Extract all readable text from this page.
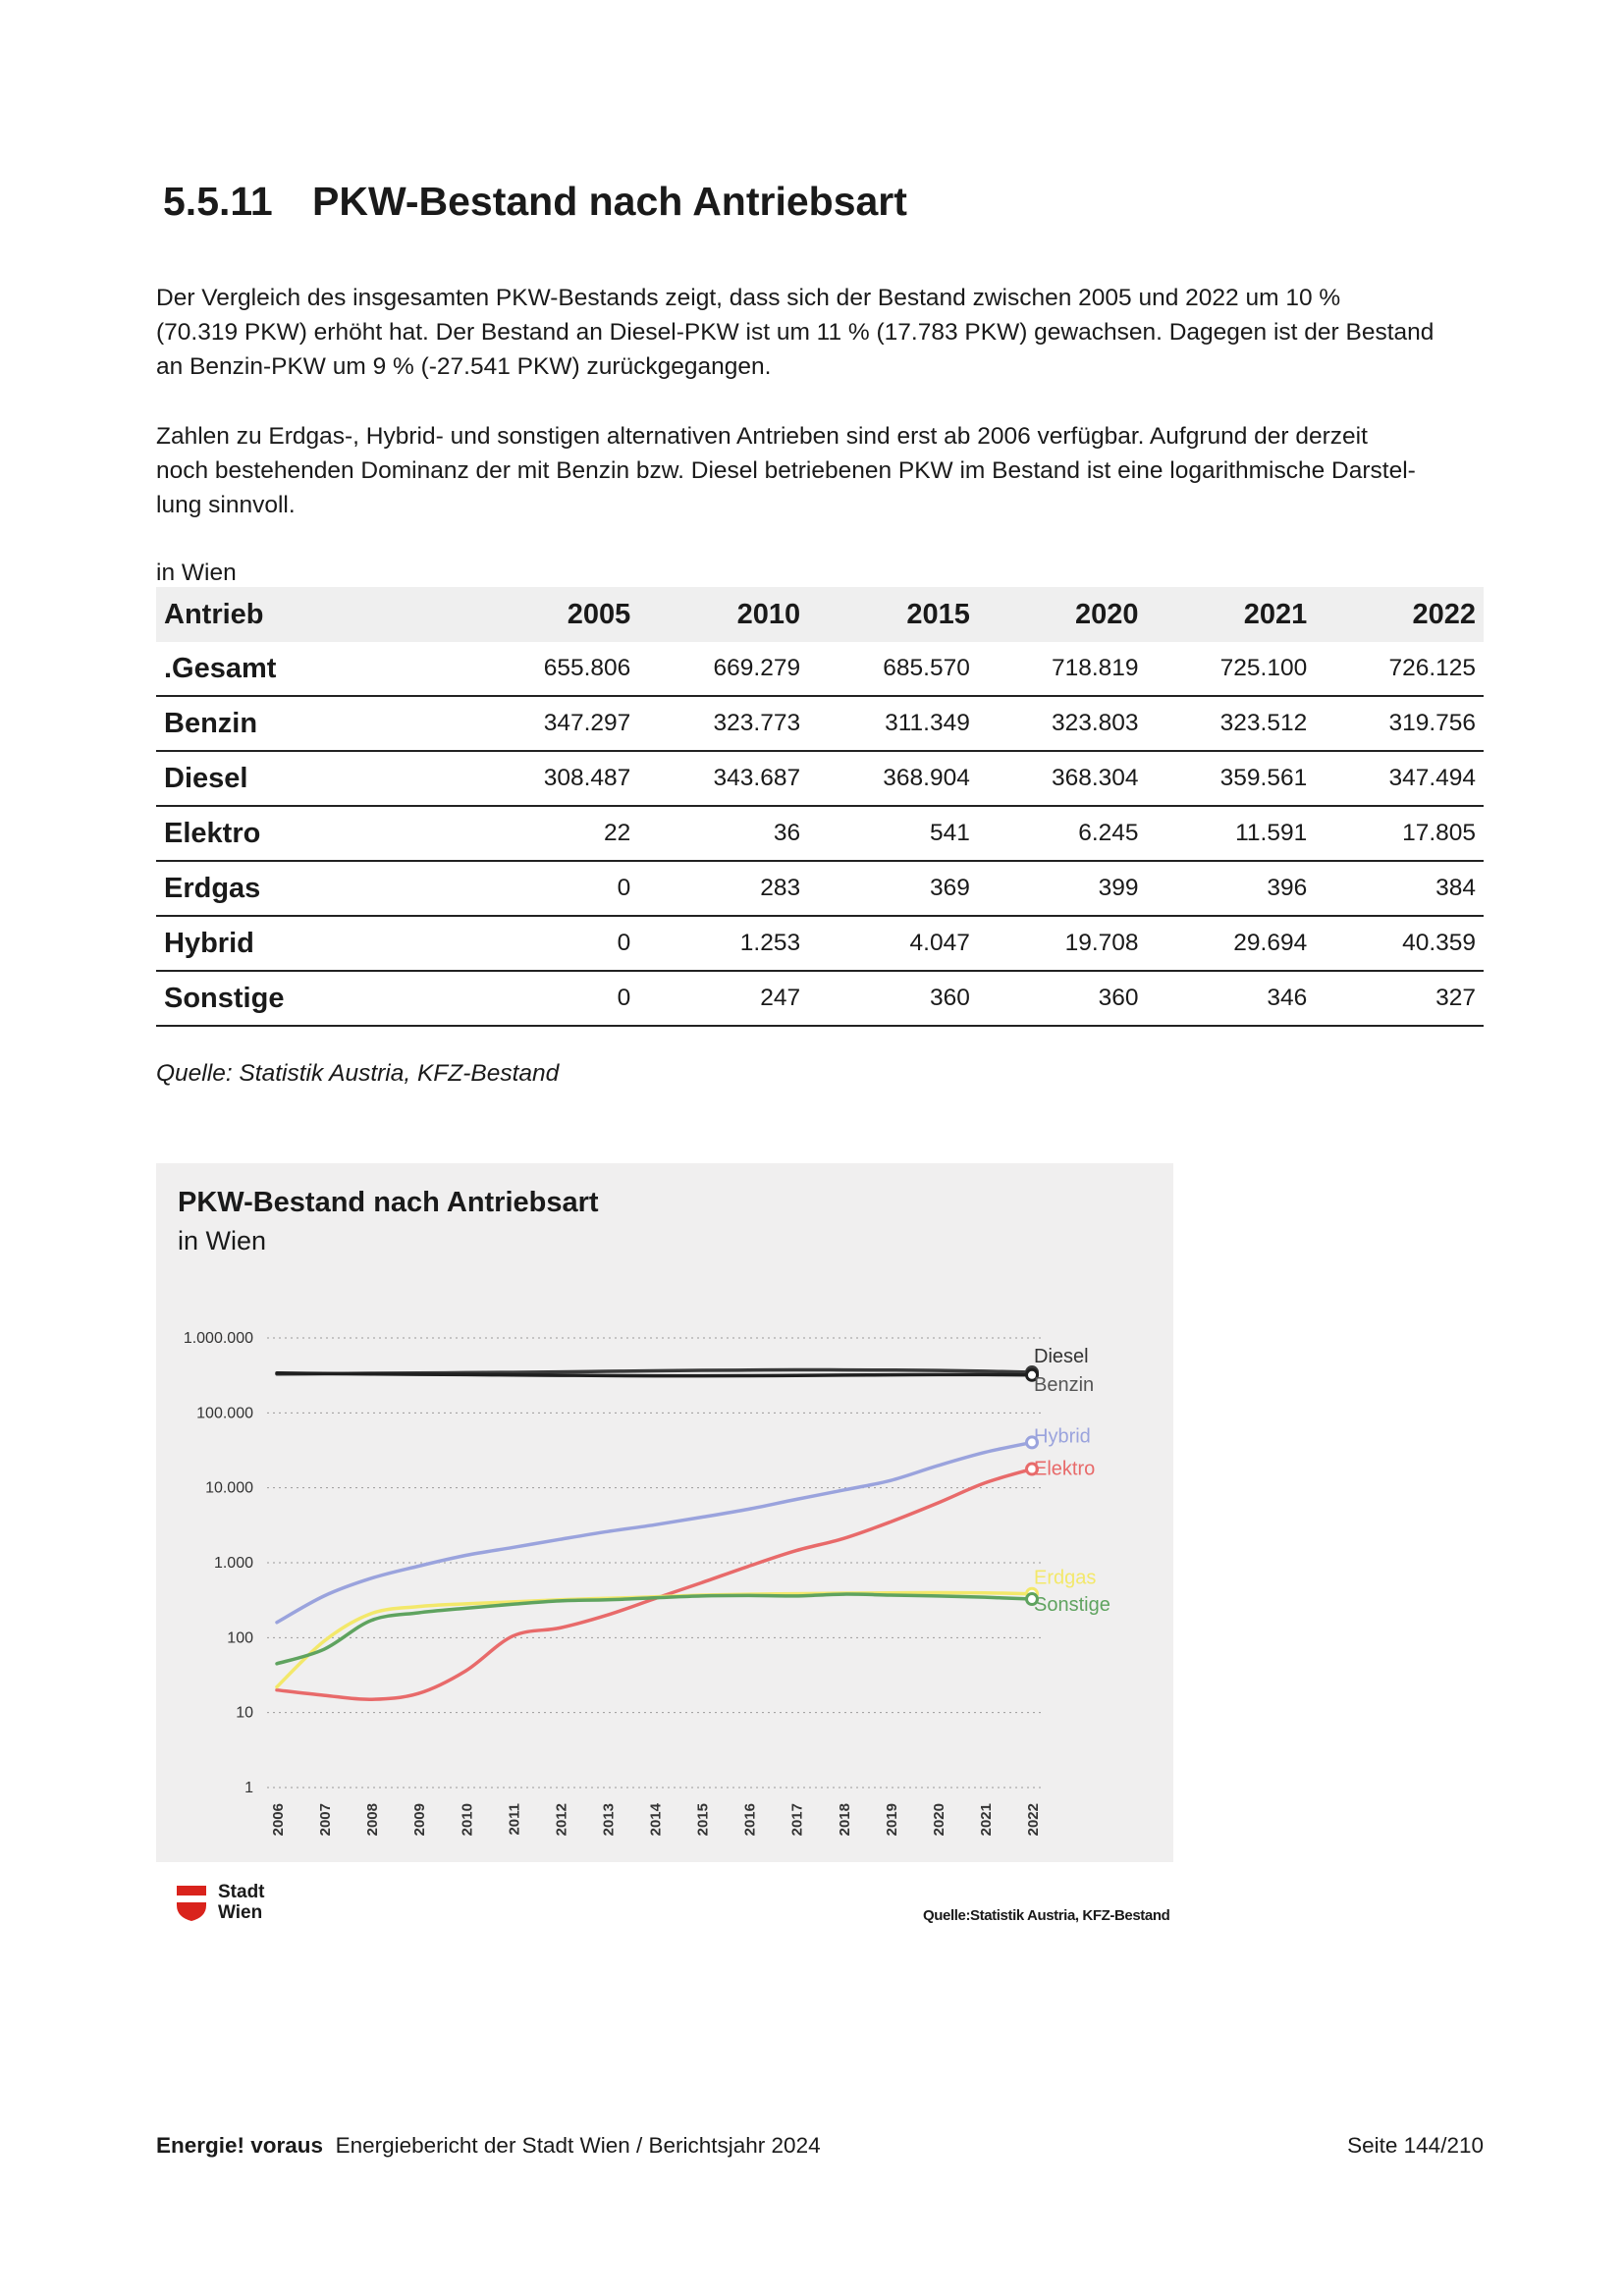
5.5.11 PKW-Bestand nach Antriebsart

Der Vergleich des insgesamten PKW-Bestands zeigt, dass sich der Bestand zwischen 2005 und 2022 um 10 %
(70.319 PKW) erhöht hat. Der Bestand an Diesel-PKW ist um 11 % (17.783 PKW) gewachsen. Dagegen ist der Bestand
an Benzin-PKW um 9 % (-27.541 PKW) zurückgegangen.

Zahlen zu Erdgas-, Hybrid- und sonstigen alternativen Antrieben sind erst ab 2006 verfügbar. Aufgrund der derzeit
noch bestehenden Dominanz der mit Benzin bzw. Diesel betriebenen PKW im Bestand ist eine logarithmische Darstel-
lung sinnvoll.

in Wien

Antrieb	2005	2010	2015	2020	2021	2022
.Gesamt	655.806	669.279	685.570	718.819	725.100	726.125
Benzin	347.297	323.773	311.349	323.803	323.512	319.756
Diesel	308.487	343.687	368.904	368.304	359.561	347.494
Elektro	22	36	541	6.245	11.591	17.805
Erdgas	0	283	369	399	396	384
Hybrid	0	1.253	4.047	19.708	29.694	40.359
Sonstige	0	247	360	360	346	327

Quelle: Statistik Austria, KFZ-Bestand

PKW-Bestand nach Antriebsart

in Wien

1.000.000
100.000
10.000
1.000
100
10
1
2006 2007 2008 2009 2010 2011 2012 2013 2014 2015 2016 2017 2018 2019 2020 2021 2022
Diesel
Benzin
Hybrid
Elektro
Erdgas
Sonstige
Stadt
Wien	Quelle:Statistik Austria, KFZ-Bestand

Energie! voraus Energiebericht der Stadt Wien / Berichtsjahr 2024	Seite 144/210
